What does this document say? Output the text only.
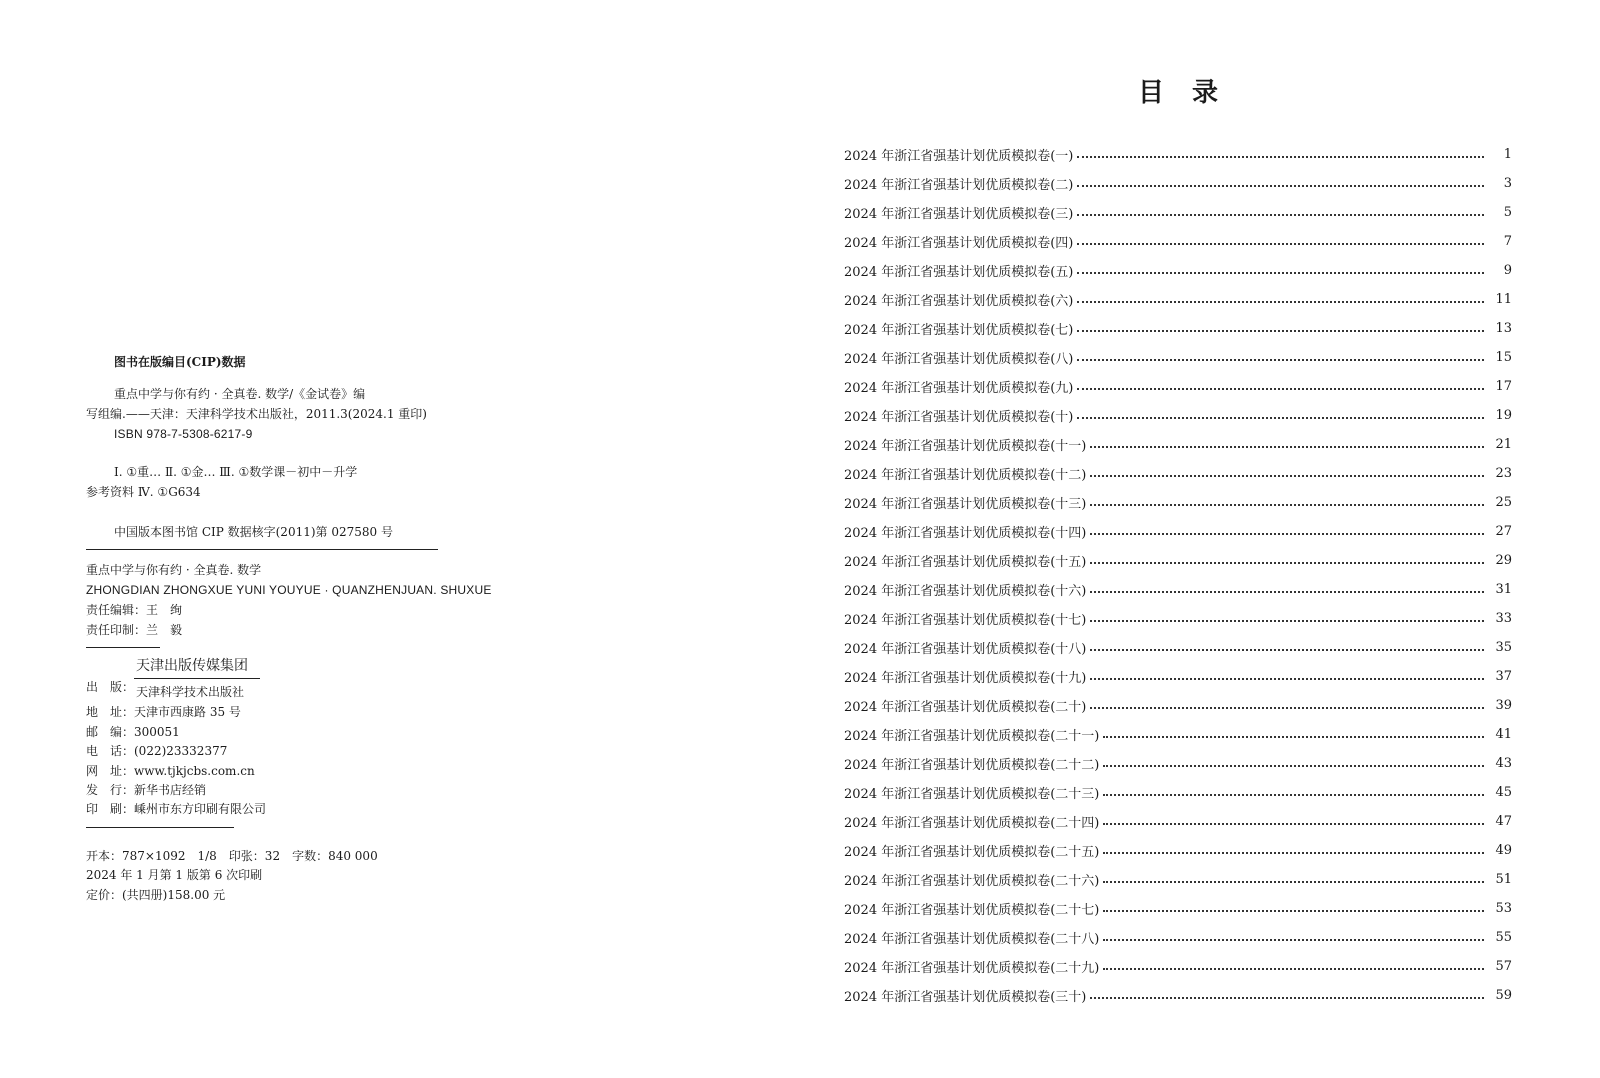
图书在版编目(CIP)数据
重点中学与你有约 · 全真卷. 数学/《金试卷》编
写组编.——天津：天津科学技术出版社，2011.3(2024.1 重印)
ISBN 978-7-5308-6217-9
Ⅰ. ①重… Ⅱ. ①金… Ⅲ. ①数学课－初中－升学
参考资料 Ⅳ. ①G634
中国版本图书馆 CIP 数据核字(2011)第 027580 号
重点中学与你有约 · 全真卷. 数学
ZHONGDIAN ZHONGXUE YUNI YOUYUE · QUANZHENJUAN. SHUXUE
责任编辑：王　绚
责任印制：兰　毅
出　版：
天津出版传媒集团
天津科学技术出版社
地　址：天津市西康路 35 号
邮　编：300051
电　话：(022)23332377
网　址：www.tjkjcbs.com.cn
发　行：新华书店经销
印　刷：嵊州市东方印刷有限公司
开本：787×1092　1/8　印张：32　字数：840 000
2024 年 1 月第 1 版第 6 次印刷
定价：(共四册)158.00 元
目录
2024 年浙江省强基计划优质模拟卷(一)	1
2024 年浙江省强基计划优质模拟卷(二)	3
2024 年浙江省强基计划优质模拟卷(三)	5
2024 年浙江省强基计划优质模拟卷(四)	7
2024 年浙江省强基计划优质模拟卷(五)	9
2024 年浙江省强基计划优质模拟卷(六)	11
2024 年浙江省强基计划优质模拟卷(七)	13
2024 年浙江省强基计划优质模拟卷(八)	15
2024 年浙江省强基计划优质模拟卷(九)	17
2024 年浙江省强基计划优质模拟卷(十)	19
2024 年浙江省强基计划优质模拟卷(十一)	21
2024 年浙江省强基计划优质模拟卷(十二)	23
2024 年浙江省强基计划优质模拟卷(十三)	25
2024 年浙江省强基计划优质模拟卷(十四)	27
2024 年浙江省强基计划优质模拟卷(十五)	29
2024 年浙江省强基计划优质模拟卷(十六)	31
2024 年浙江省强基计划优质模拟卷(十七)	33
2024 年浙江省强基计划优质模拟卷(十八)	35
2024 年浙江省强基计划优质模拟卷(十九)	37
2024 年浙江省强基计划优质模拟卷(二十)	39
2024 年浙江省强基计划优质模拟卷(二十一)	41
2024 年浙江省强基计划优质模拟卷(二十二)	43
2024 年浙江省强基计划优质模拟卷(二十三)	45
2024 年浙江省强基计划优质模拟卷(二十四)	47
2024 年浙江省强基计划优质模拟卷(二十五)	49
2024 年浙江省强基计划优质模拟卷(二十六)	51
2024 年浙江省强基计划优质模拟卷(二十七)	53
2024 年浙江省强基计划优质模拟卷(二十八)	55
2024 年浙江省强基计划优质模拟卷(二十九)	57
2024 年浙江省强基计划优质模拟卷(三十)	59
